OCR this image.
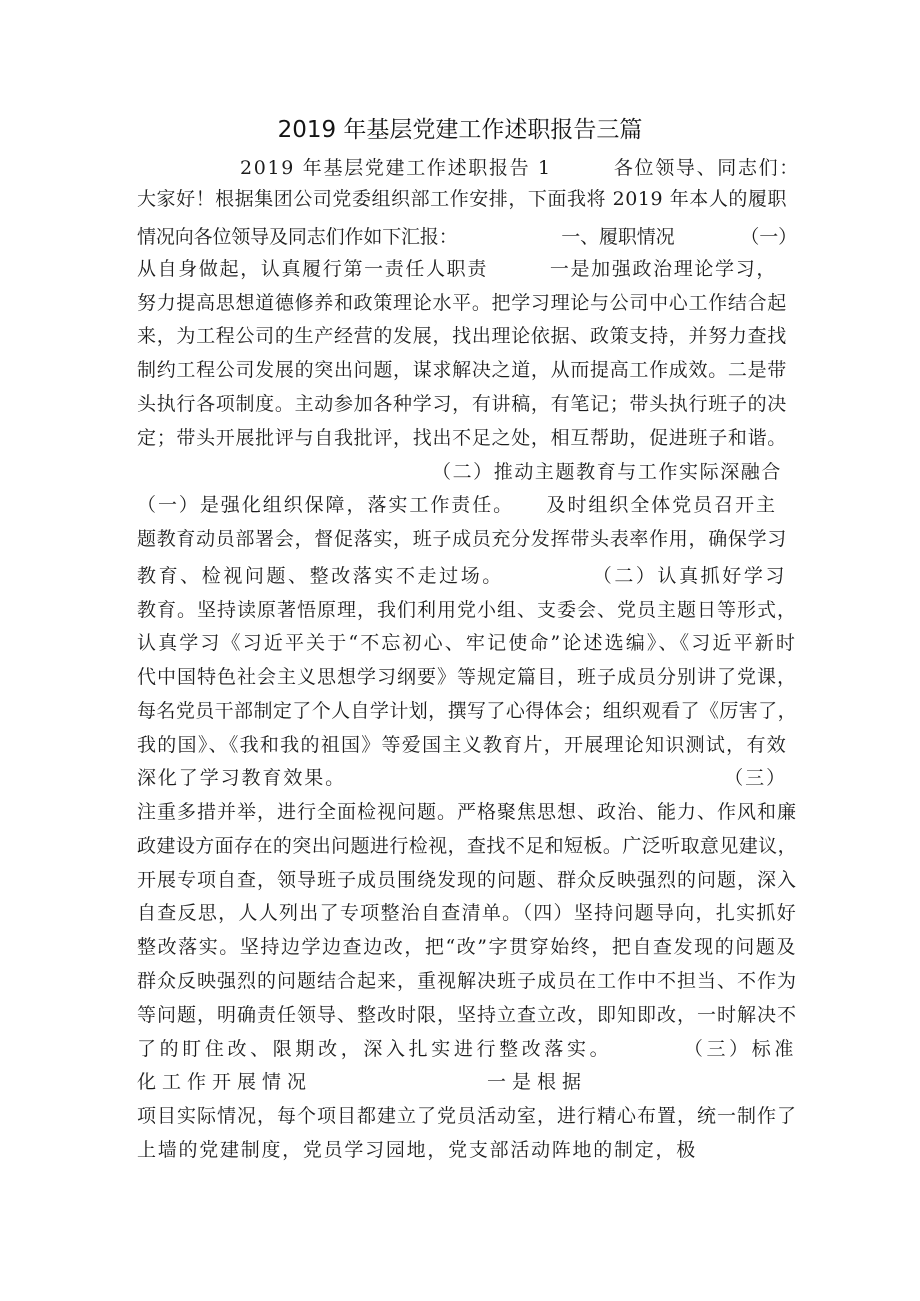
2019 年基层党建工作述职报告三篇
2019 年基层党建工作述职报告 1　　　各位领导、同志们：
大家好！根据集团公司党委组织部工作安排，下面我将 2019 年本人的履职
情况向各位领导及同志们作如下汇报：　　　　　　一、履职情况　　　　（一）
从自身做起，认真履行第一责任人职责　　　一是加强政治理论学习，
努力提高思想道德修养和政策理论水平。把学习理论与公司中心工作结合起
来，为工程公司的生产经营的发展，找出理论依据、政策支持，并努力查找
制约工程公司发展的突出问题，谋求解决之道，从而提高工作成效。二是带
头执行各项制度。主动参加各种学习，有讲稿，有笔记；带头执行班子的决
定；带头开展批评与自我批评，找出不足之处，相互帮助，促进班子和谐。
（二）推动主题教育与工作实际深融合
（一）是强化组织保障，落实工作责任。　　及时组织全体党员召开主
题教育动员部署会，督促落实，班子成员充分发挥带头表率作用，确保学习
教育、检视问题、整改落实不走过场。　　　　　（二）认真抓好学习
教育。坚持读原著悟原理，我们利用党小组、支委会、党员主题日等形式，
认真学习《习近平关于“不忘初心、牢记使命”论述选编》、《习近平新时
代中国特色社会主义思想学习纲要》等规定篇目，班子成员分别讲了党课，
每名党员干部制定了个人自学计划，撰写了心得体会；组织观看了《厉害了，
我的国》、《我和我的祖国》等爱国主义教育片，开展理论知识测试，有效
深化了学习教育效果。　　　　　　　　　　　　　　　　　　　（三）
注重多措并举，进行全面检视问题。严格聚焦思想、政治、能力、作风和廉
政建设方面存在的突出问题进行检视，查找不足和短板。广泛听取意见建议，
开展专项自查，领导班子成员围绕发现的问题、群众反映强烈的问题，深入
自查反思，人人列出了专项整治自查清单。（四）坚持问题导向，扎实抓好
整改落实。坚持边学边查边改，把“改”字贯穿始终，把自查发现的问题及
群众反映强烈的问题结合起来，重视解决班子成员在工作中不担当、不作为
等问题，明确责任领导、整改时限，坚持立查立改，即知即改，一时解决不
了的盯住改、限期改，深入扎实进行整改落实。　　　　（三）标准
化工作开展情况　　　　　　　一是根据
项目实际情况，每个项目都建立了党员活动室，进行精心布置，统一制作了
上墙的党建制度，党员学习园地，党支部活动阵地的制定，极
